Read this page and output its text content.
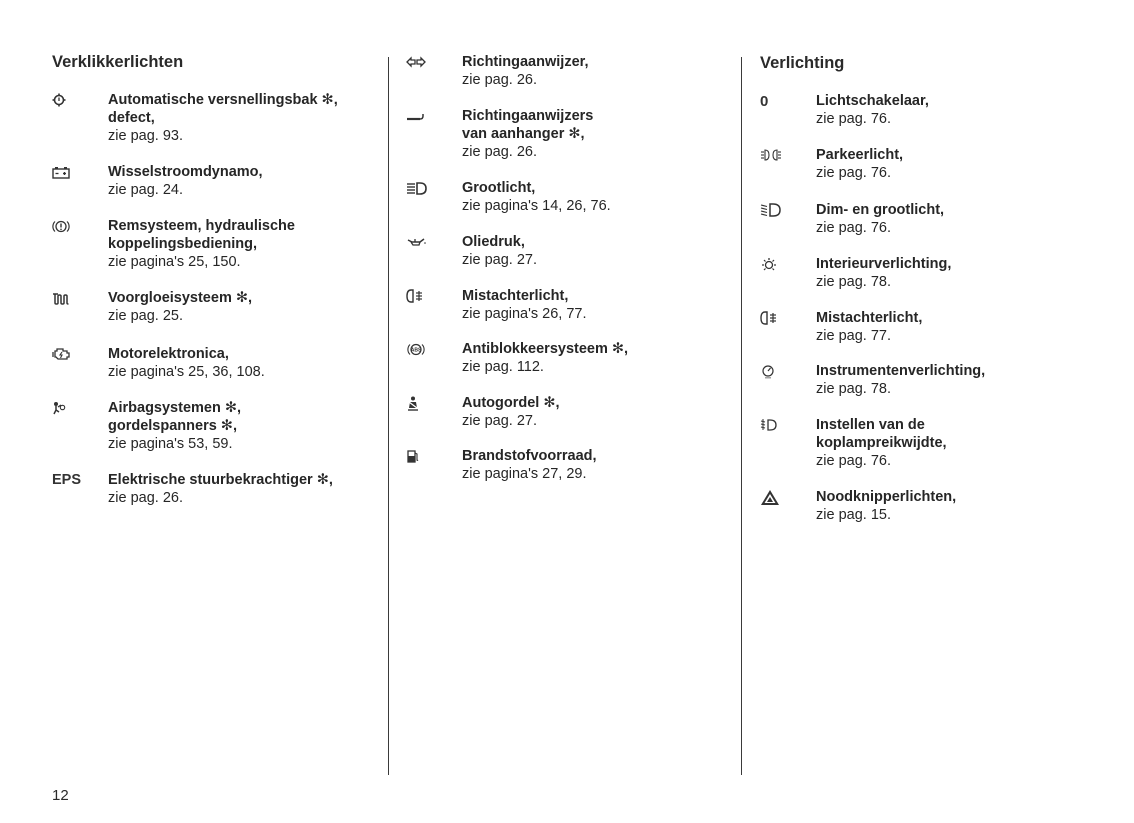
Verklikkerlichten
Automatische versnellingsbak ✻,
defect,
zie pag. 93.
Wisselstroomdynamo,
zie pag. 24.
Remsysteem, hydraulische
koppelingsbediening,
zie pagina's 25, 150.
Voorgloeisysteem ✻,
zie pag. 25.
Motorelektronica,
zie pagina's 25, 36, 108.
Airbagsystemen ✻,
gordelspanners ✻,
zie pagina's 53, 59.
EPS	Elektrische stuurbekrachtiger ✻,
zie pag. 26.
Richtingaanwijzer,
zie pag. 26.
Richtingaanwijzers
van aanhanger ✻,
zie pag. 26.
Grootlicht,
zie pagina's 14, 26, 76.
Oliedruk,
zie pag. 27.
Mistachterlicht,
zie pagina's 26, 77.
ABS	Antiblokkeersysteem ✻,
zie pag. 112.
Autogordel ✻,
zie pag. 27.
Brandstofvoorraad,
zie pagina's 27, 29.
Verlichting
0	Lichtschakelaar,
zie pag. 76.
Parkeerlicht,
zie pag. 76.
Dim- en grootlicht,
zie pag. 76.
Interieurverlichting,
zie pag. 78.
Mistachterlicht,
zie pag. 77.
Instrumentenverlichting,
zie pag. 78.
Instellen van de
koplampreikwijdte,
zie pag. 76.
Noodknipperlichten,
zie pag. 15.
12
